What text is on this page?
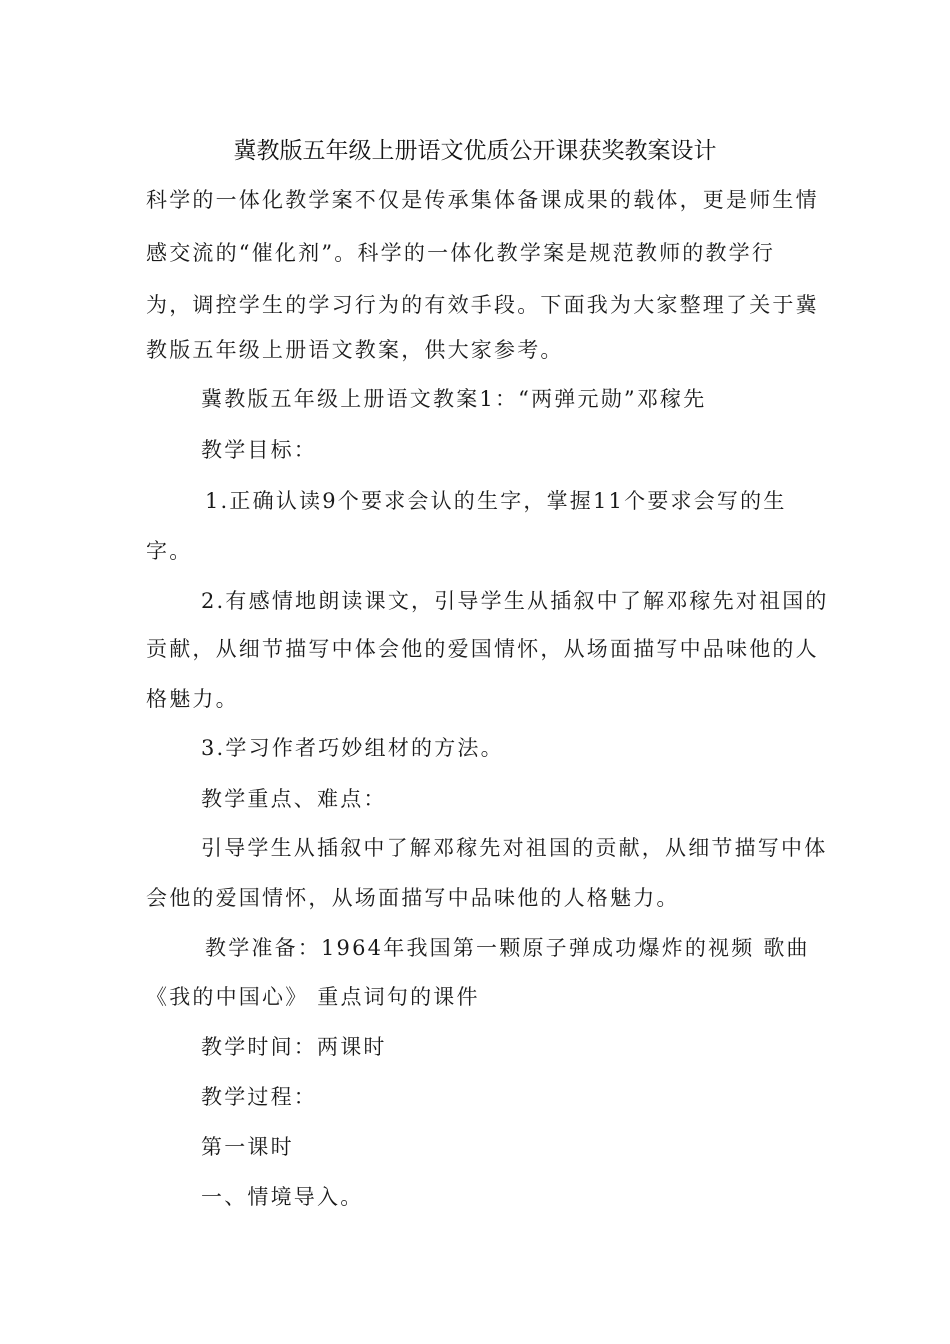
冀教版五年级上册语文优质公开课获奖教案设计
科学的一体化教学案不仅是传承集体备课成果的载体，更是师生情
感交流的“催化剂”。科学的一体化教学案是规范教师的教学行
为，调控学生的学习行为的有效手段。下面我为大家整理了关于冀
教版五年级上册语文教案，供大家参考。
冀教版五年级上册语文教案1：“两弹元勋”邓稼先
教学目标：
1.正确认读9个要求会认的生字，掌握11个要求会写的生
字。
2.有感情地朗读课文，引导学生从插叙中了解邓稼先对祖国的
贡献，从细节描写中体会他的爱国情怀，从场面描写中品味他的人
格魅力。
3.学习作者巧妙组材的方法。
教学重点、难点：
引导学生从插叙中了解邓稼先对祖国的贡献，从细节描写中体
会他的爱国情怀，从场面描写中品味他的人格魅力。
教学准备：1964年我国第一颗原子弹成功爆炸的视频 歌曲
《我的中国心》 重点词句的课件
教学时间：两课时
教学过程：
第一课时
一、情境导入。
